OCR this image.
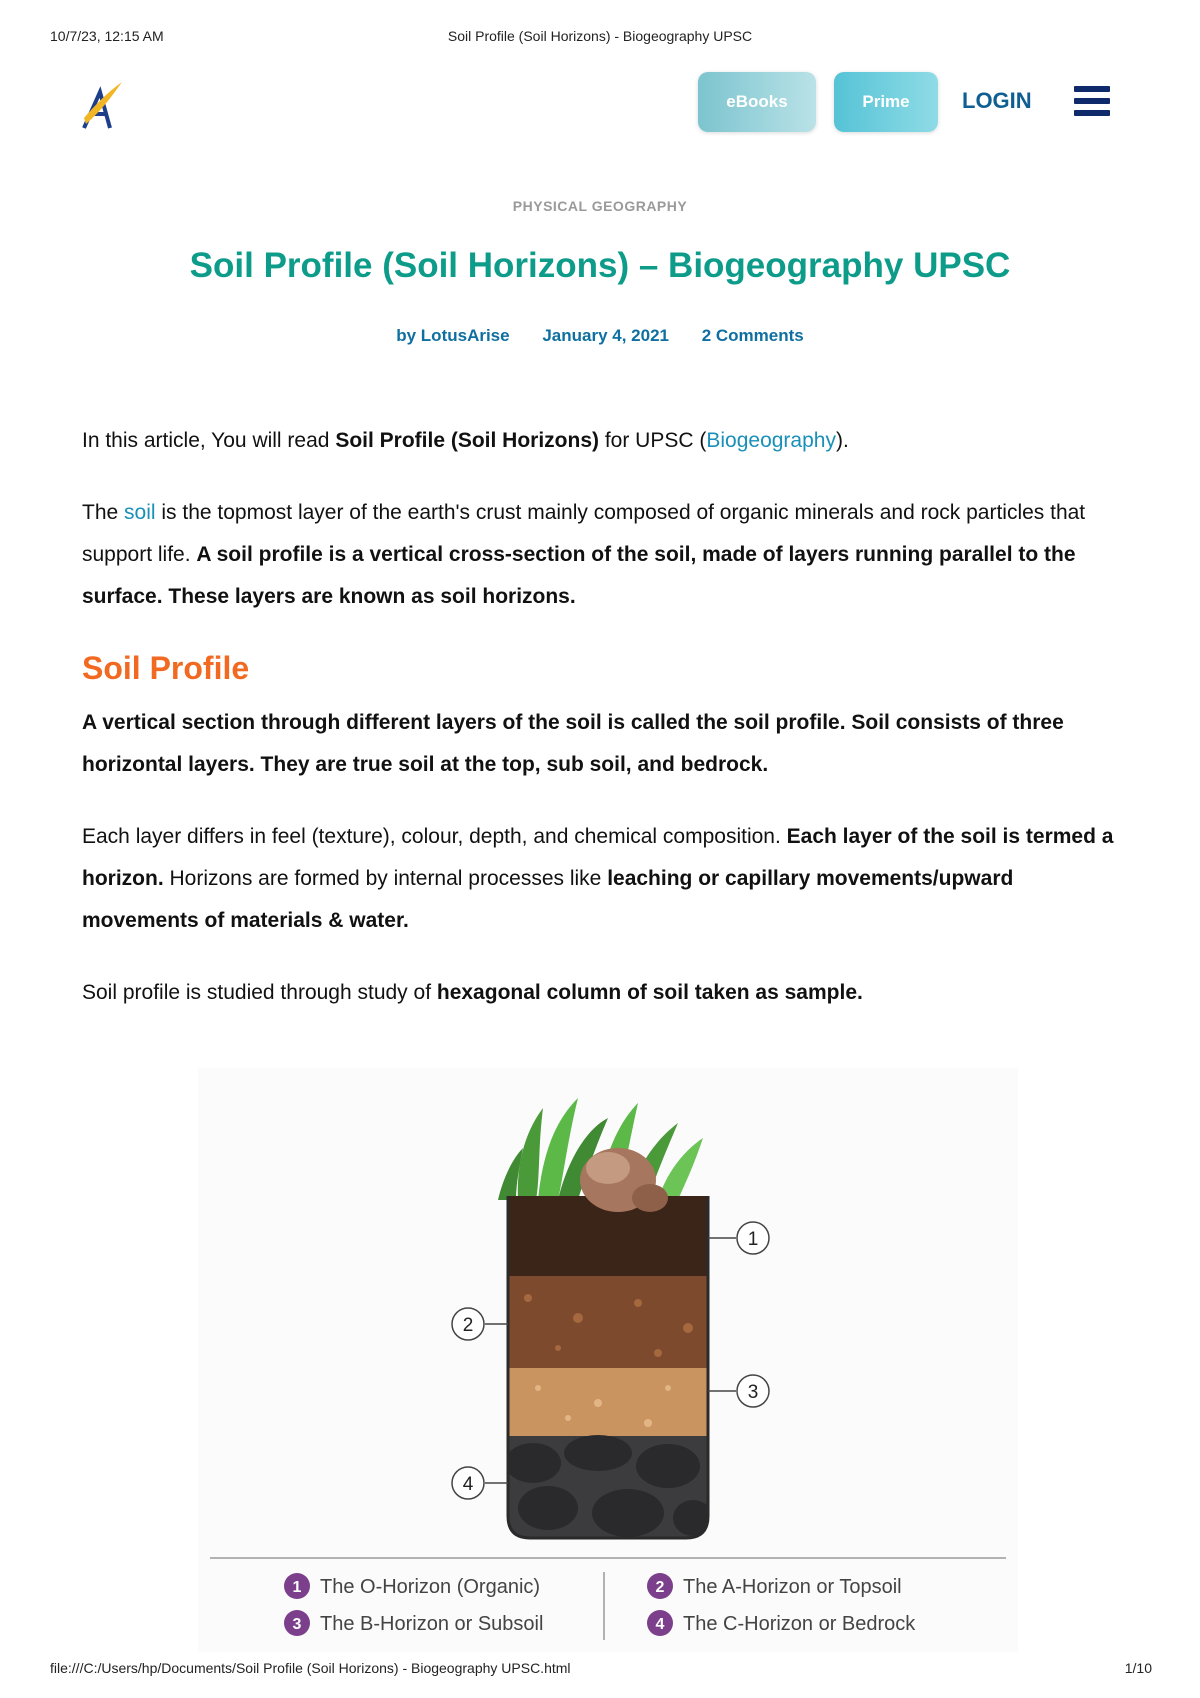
10/7/23, 12:15 AM	Soil Profile (Soil Horizons) - Biogeography UPSC
eBooks	Prime	LOGIN
PHYSICAL GEOGRAPHY
Soil Profile (Soil Horizons) – Biogeography UPSC
by LotusArise January 4, 2021 2 Comments

In this article, You will read Soil Profile (Soil Horizons) for UPSC (Biogeography).

The soil is the topmost layer of the earth's crust mainly composed of organic minerals and rock particles that support life. A soil profile is a vertical cross-section of the soil, made of layers running parallel to the surface. These layers are known as soil horizons.

Soil Profile

A vertical section through different layers of the soil is called the soil profile. Soil consists of three horizontal layers. They are true soil at the top, sub soil, and bedrock.

Each layer differs in feel (texture), colour, depth, and chemical composition. Each layer of the soil is termed a horizon. Horizons are formed by internal processes like leaching or capillary movements/upward movements of materials & water.

Soil profile is studied through study of hexagonal column of soil taken as sample.

1
2
3
4
1 The O-Horizon (Organic)	2 The A-Horizon or Topsoil
3 The B-Horizon or Subsoil	4 The C-Horizon or Bedrock
file:///C:/Users/hp/Documents/Soil Profile (Soil Horizons) - Biogeography UPSC.html	1/10
